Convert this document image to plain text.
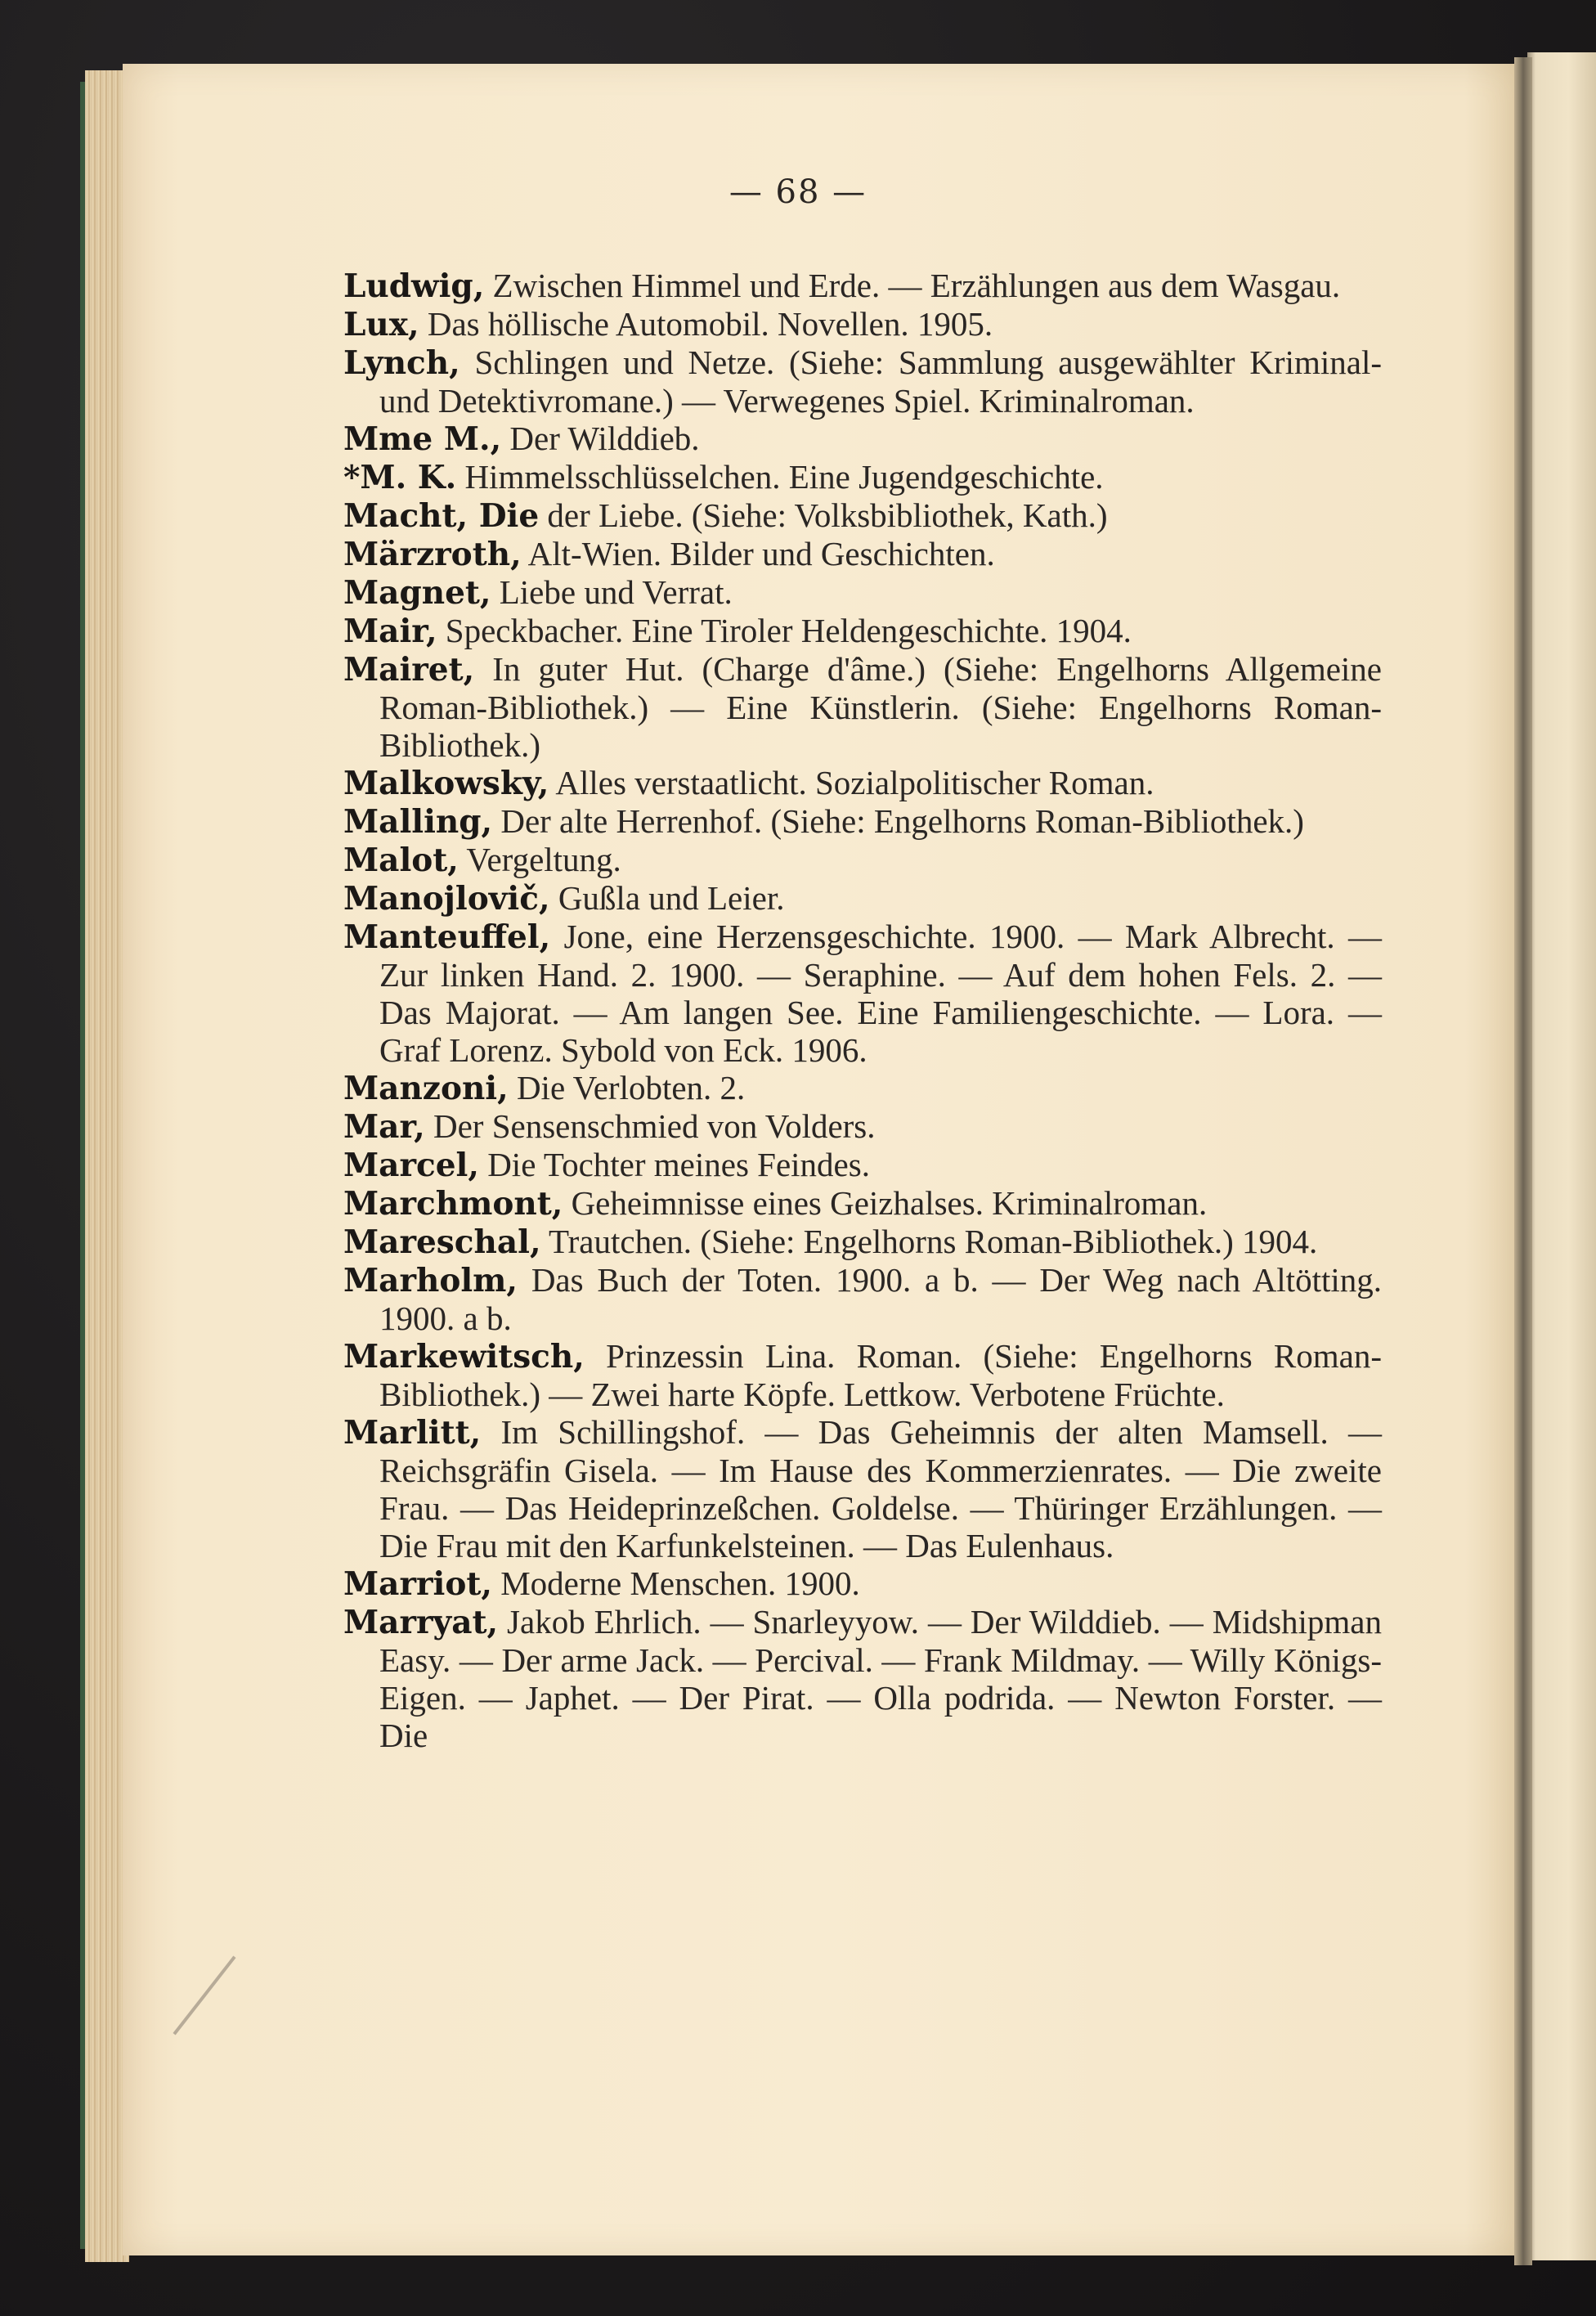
— 68 —

Ludwig, Zwischen Himmel und Erde. — Erzählungen aus dem Wasgau.

Lux, Das höllische Automobil. Novellen. 1905.

Lynch, Schlingen und Netze. (Siehe: Sammlung ausgewählter Kriminal- und Detektivromane.) — Verwegenes Spiel. Kriminalroman.

Mme M., Der Wilddieb.

*M. K. Himmelsschlüsselchen. Eine Jugendgeschichte.

Macht, Die der Liebe. (Siehe: Volksbibliothek, Kath.)

Märzroth, Alt-Wien. Bilder und Geschichten.

Magnet, Liebe und Verrat.

Mair, Speckbacher. Eine Tiroler Heldengeschichte. 1904.

Mairet, In guter Hut. (Charge d'âme.) (Siehe: Engelhorns Allgemeine Roman-Bibliothek.) — Eine Künstlerin. (Siehe: Engelhorns Roman-Bibliothek.)

Malkowsky, Alles verstaatlicht. Sozialpolitischer Roman.

Malling, Der alte Herrenhof. (Siehe: Engelhorns Roman-Bibliothek.)

Malot, Vergeltung.

Manojlovič, Gußla und Leier.

Manteuffel, Jone, eine Herzensgeschichte. 1900. — Mark Albrecht. — Zur linken Hand. 2. 1900. — Seraphine. — Auf dem hohen Fels. 2. — Das Majorat. — Am langen See. Eine Familiengeschichte. — Lora. — Graf Lorenz. Sybold von Eck. 1906.

Manzoni, Die Verlobten. 2.

Mar, Der Sensenschmied von Volders.

Marcel, Die Tochter meines Feindes.

Marchmont, Geheimnisse eines Geizhalses. Kriminalroman.

Mareschal, Trautchen. (Siehe: Engelhorns Roman-Bibliothek.) 1904.

Marholm, Das Buch der Toten. 1900. a b. — Der Weg nach Altötting. 1900. a b.

Markewitsch, Prinzessin Lina. Roman. (Siehe: Engelhorns Roman-Bibliothek.) — Zwei harte Köpfe. Lettkow. Verbotene Früchte.

Marlitt, Im Schillingshof. — Das Geheimnis der alten Mamsell. — Reichsgräfin Gisela. — Im Hause des Kommerzienrates. — Die zweite Frau. — Das Heideprinzeßchen. Goldelse. — Thüringer Erzählungen. — Die Frau mit den Karfunkelsteinen. — Das Eulenhaus.

Marriot, Moderne Menschen. 1900.

Marryat, Jakob Ehrlich. — Snarleyyow. — Der Wilddieb. — Midshipman Easy. — Der arme Jack. — Percival. — Frank Mildmay. — Willy Königs-Eigen. — Japhet. — Der Pirat. — Olla podrida. — Newton Forster. — Die
